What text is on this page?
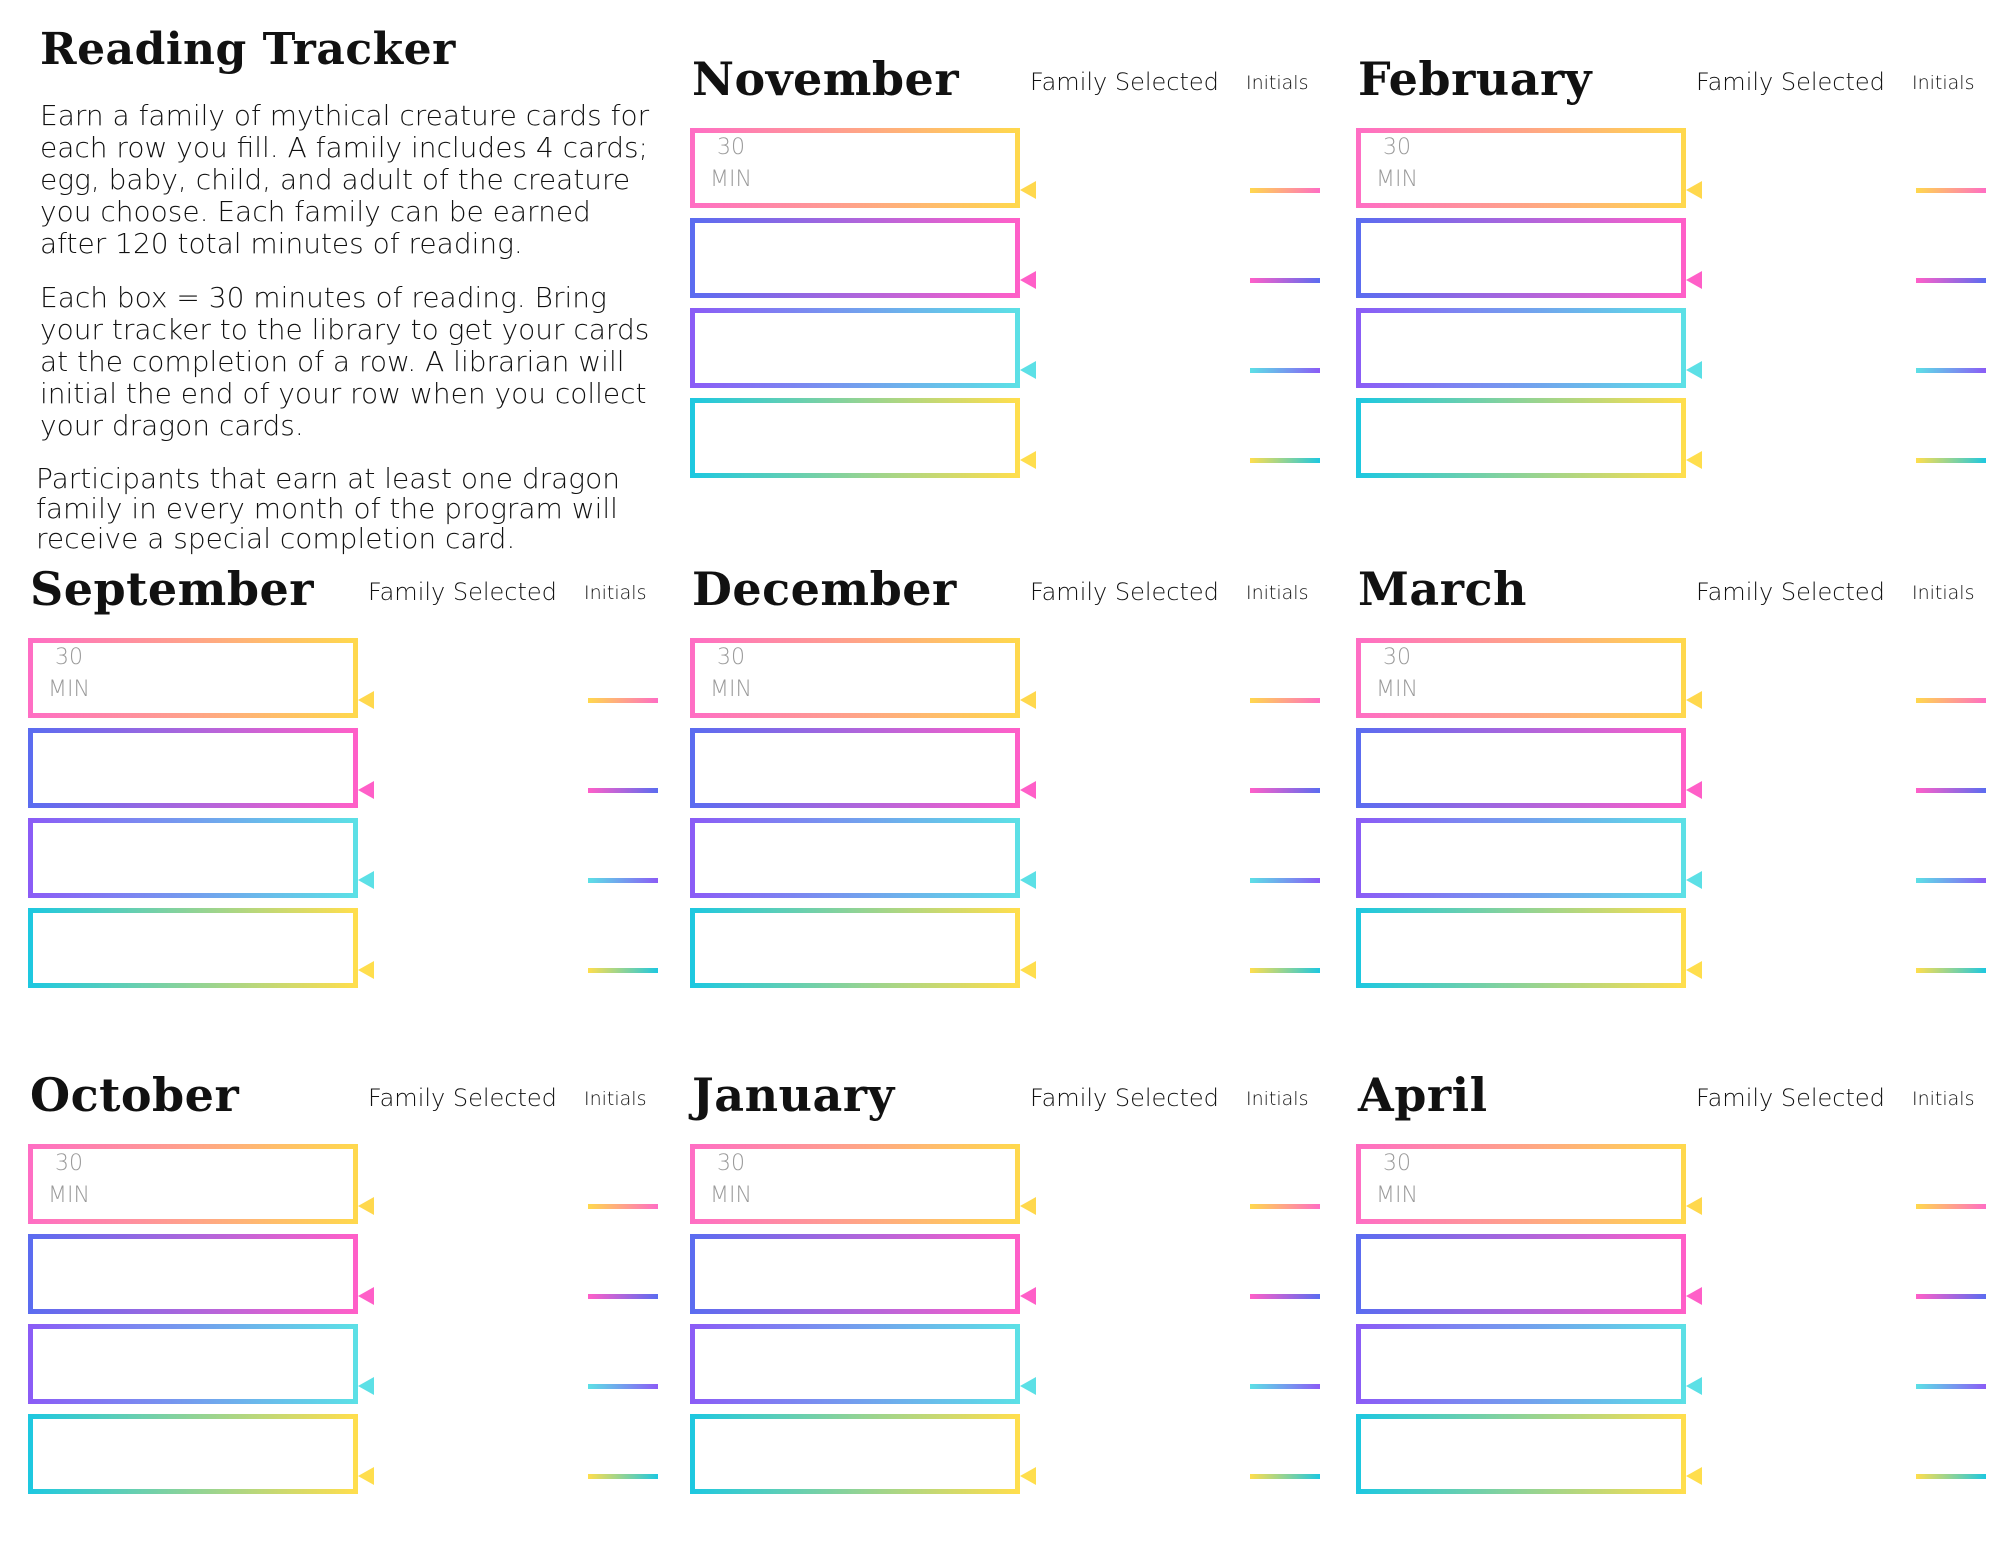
Reading Tracker

Earn a family of mythical creature cards for each row you fill. A family includes 4 cards; egg, baby, child, and adult of the creature you choose. Each family can be earned after 120 total minutes of reading.

Each box = 30 minutes of reading. Bring your tracker to the library to get your cards at the completion of a row. A librarian will initial the end of your row when you collect your dragon cards.

Participants that earn at least one dragon family in every month of the program will receive a special completion card.

November	Family Selected Initials
30
MIN
February	Family Selected Initials
30
MIN
September Family Selected Initials
30
MIN
December	Family Selected Initials
30
MIN
March	Family Selected Initials
30
MIN
October	Family Selected Initials
30
MIN
January	Family Selected Initials
30
MIN
April	Family Selected Initials
30
MIN
